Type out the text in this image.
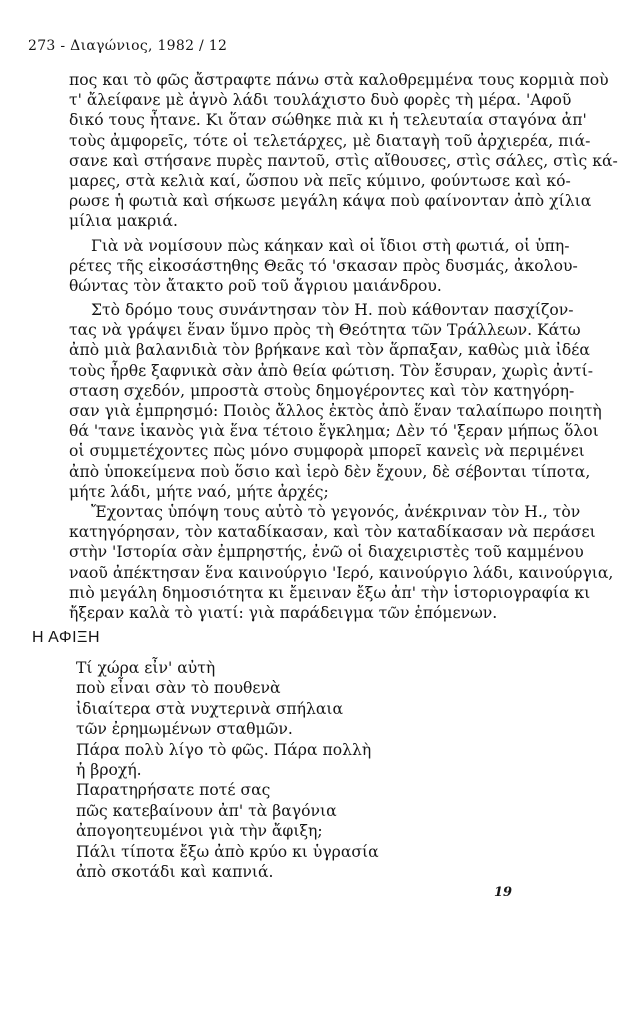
273 - Διαγώνιος, 1982 / 12
πος και τὸ φῶς ἄστραφτε πάνω στὰ καλοθρεμμένα τους κορμιὰ ποὺ
τ' ἄλείφανε μὲ ἁγνὸ λάδι τουλάχιστο δυὸ φορὲς τὴ μέρα. 'Αφοῦ
δικό τους ἦτανε. Κι ὅταν σώθηκε πιὰ κι ἡ τελευταία σταγόνα ἀπ'
τοὺς ἀμφορεῖς, τότε οἱ τελετάρχες, μὲ διαταγὴ τοῦ ἀρχιερέα, πιά-
σανε καὶ στήσανε πυρὲς παντοῦ, στὶς αἴθουσες, στὶς σάλες, στὶς κά-
μαρες, στὰ κελιὰ καί, ὥσπου νὰ πεῖς κύμινο, φούντωσε καὶ κό-
ρωσε ἡ φωτιὰ καὶ σήκωσε μεγάλη κάψα ποὺ φαίνονταν ἀπὸ χίλια
μίλια μακριά.
Γιὰ νὰ νομίσουν πὼς κάηκαν καὶ οἱ ἴδιοι στὴ φωτιά, οἱ ὑπη-
ρέτες τῆς εἰκοσάστηθης Θεᾶς τό 'σκασαν πρὸς δυσμάς, ἀκολου-
θώντας τὸν ἄτακτο ροῦ τοῦ ἄγριου μαιάνδρου.
Στὸ δρόμο τους συνάντησαν τὸν Η. ποὺ κάθονταν πασχίζον-
τας νὰ γράψει ἕναν ὕμνο πρὸς τὴ Θεότητα τῶν Τράλλεων. Κάτω
ἀπὸ μιὰ βαλανιδιὰ τὸν βρήκανε καὶ τὸν ἅρπαξαν, καθὼς μιὰ ἰδέα
τοὺς ἦρθε ξαφνικὰ σὰν ἀπὸ θεία φώτιση. Τὸν ἔσυραν, χωρὶς ἀντί-
σταση σχεδόν, μπροστὰ στοὺς δημογέροντες καὶ τὸν κατηγόρη-
σαν γιὰ ἐμπρησμό: Ποιὸς ἄλλος ἐκτὸς ἀπὸ ἕναν ταλαίπωρο ποιητὴ
θά 'τανε ἱκανὸς γιὰ ἕνα τέτοιο ἔγκλημα; Δὲν τό 'ξεραν μήπως ὅλοι
οἱ συμμετέχοντες πὼς μόνο συμφορὰ μπορεῖ κανεὶς νὰ περιμένει
ἀπὸ ὑποκείμενα ποὺ ὅσιο καὶ ἱερὸ δὲν ἔχουν, δὲ σέβονται τίποτα,
μήτε λάδι, μήτε ναό, μήτε ἀρχές;
Ἔχοντας ὑπόψη τους αὐτὸ τὸ γεγονός, ἀνέκριναν τὸν Η., τὸν
κατηγόρησαν, τὸν καταδίκασαν, καὶ τὸν καταδίκασαν νὰ περάσει
στὴν 'Ιστορία σὰν ἐμπρηστής, ἐνῶ οἱ διαχειριστὲς τοῦ καμμένου
ναοῦ ἀπέκτησαν ἕνα καινούργιο 'Ιερό, καινούργιο λάδι, καινούργια,
πιὸ μεγάλη δημοσιότητα κι ἔμειναν ἔξω ἀπ' τὴν ἱστοριογραφία κι
ἤξεραν καλὰ τὸ γιατί: γιὰ παράδειγμα τῶν ἑπόμενων.
Η ΑΦΙΞΗ
Τί χώρα εἶν' αὐτὴ
ποὺ εἶναι σὰν τὸ πουθενὰ
ἰδιαίτερα στὰ νυχτερινὰ σπήλαια
τῶν ἐρημωμένων σταθμῶν.
Πάρα πολὺ λίγο τὸ φῶς. Πάρα πολλὴ
ἡ βροχή.
Παρατηρήσατε ποτέ σας
πῶς κατεβαίνουν ἀπ' τὰ βαγόνια
ἀπογοητευμένοι γιὰ τὴν ἄφιξη;
Πάλι τίποτα ἔξω ἀπὸ κρύο κι ὑγρασία
ἀπὸ σκοτάδι καὶ καπνιά.
19
